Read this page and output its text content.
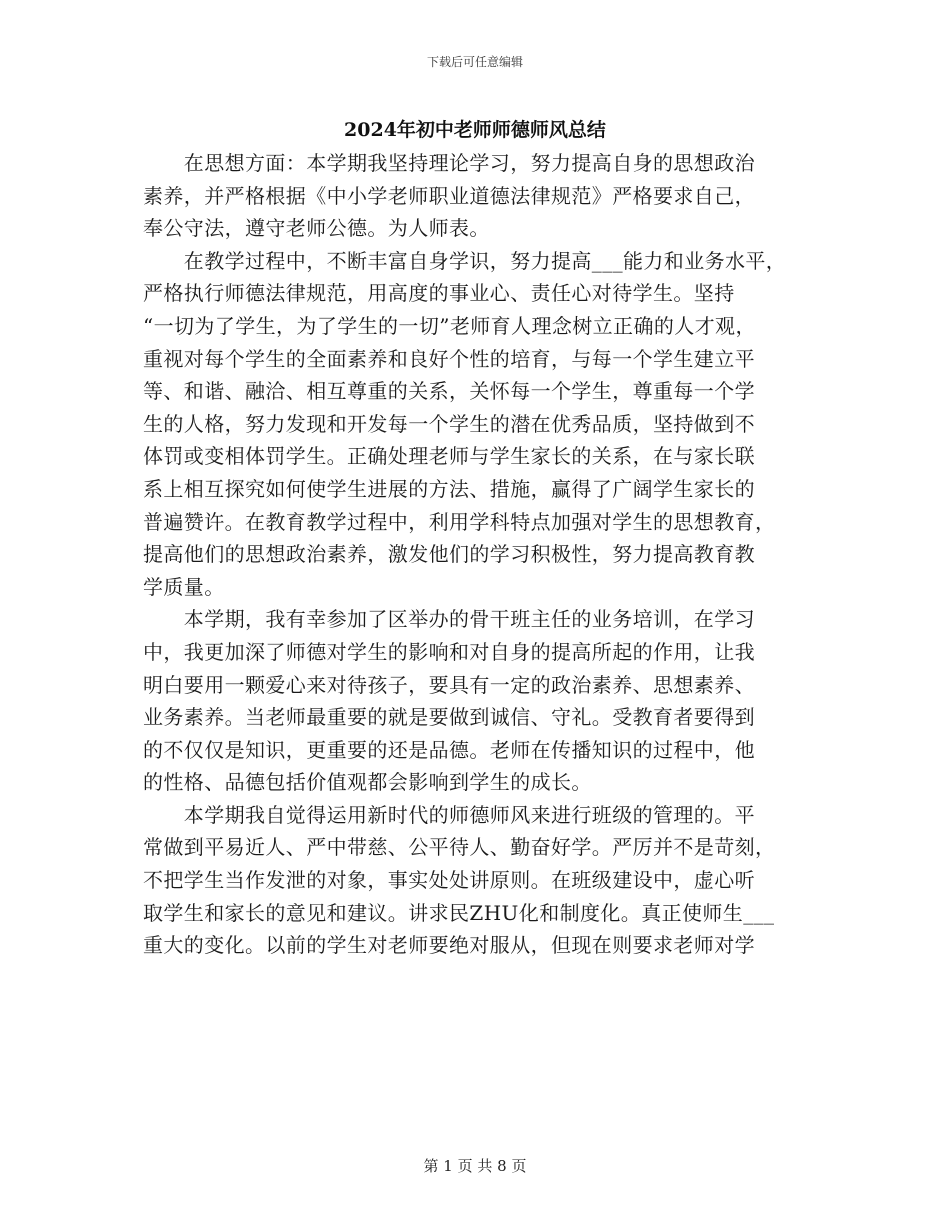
下载后可任意编辑
2024年初中老师师德师风总结

　　在思想方面：本学期我坚持理论学习，努力提高自身的思想政治

素养，并严格根据《中小学老师职业道德法律规范》严格要求自己，

奉公守法，遵守老师公德。为人师表。

　　在教学过程中，不断丰富自身学识，努力提高___能力和业务水平，

严格执行师德法律规范，用高度的事业心、责任心对待学生。坚持

“一切为了学生，为了学生的一切”老师育人理念树立正确的人才观，

重视对每个学生的全面素养和良好个性的培育，与每一个学生建立平

等、和谐、融洽、相互尊重的关系，关怀每一个学生，尊重每一个学

生的人格，努力发现和开发每一个学生的潜在优秀品质，坚持做到不

体罚或变相体罚学生。正确处理老师与学生家长的关系，在与家长联

系上相互探究如何使学生进展的方法、措施，赢得了广阔学生家长的

普遍赞许。在教育教学过程中，利用学科特点加强对学生的思想教育，

提高他们的思想政治素养，激发他们的学习积极性，努力提高教育教

学质量。

　　本学期，我有幸参加了区举办的骨干班主任的业务培训，在学习

中，我更加深了师德对学生的影响和对自身的提高所起的作用，让我

明白要用一颗爱心来对待孩子，要具有一定的政治素养、思想素养、

业务素养。当老师最重要的就是要做到诚信、守礼。受教育者要得到

的不仅仅是知识，更重要的还是品德。老师在传播知识的过程中，他

的性格、品德包括价值观都会影响到学生的成长。

　　本学期我自觉得运用新时代的师德师风来进行班级的管理的。平

常做到平易近人、严中带慈、公平待人、勤奋好学。严厉并不是苛刻，

不把学生当作发泄的对象，事实处处讲原则。在班级建设中，虚心听

取学生和家长的意见和建议。讲求民ZHU化和制度化。真正使师生___

重大的变化。以前的学生对老师要绝对服从，但现在则要求老师对学

第 1 页 共 8 页
